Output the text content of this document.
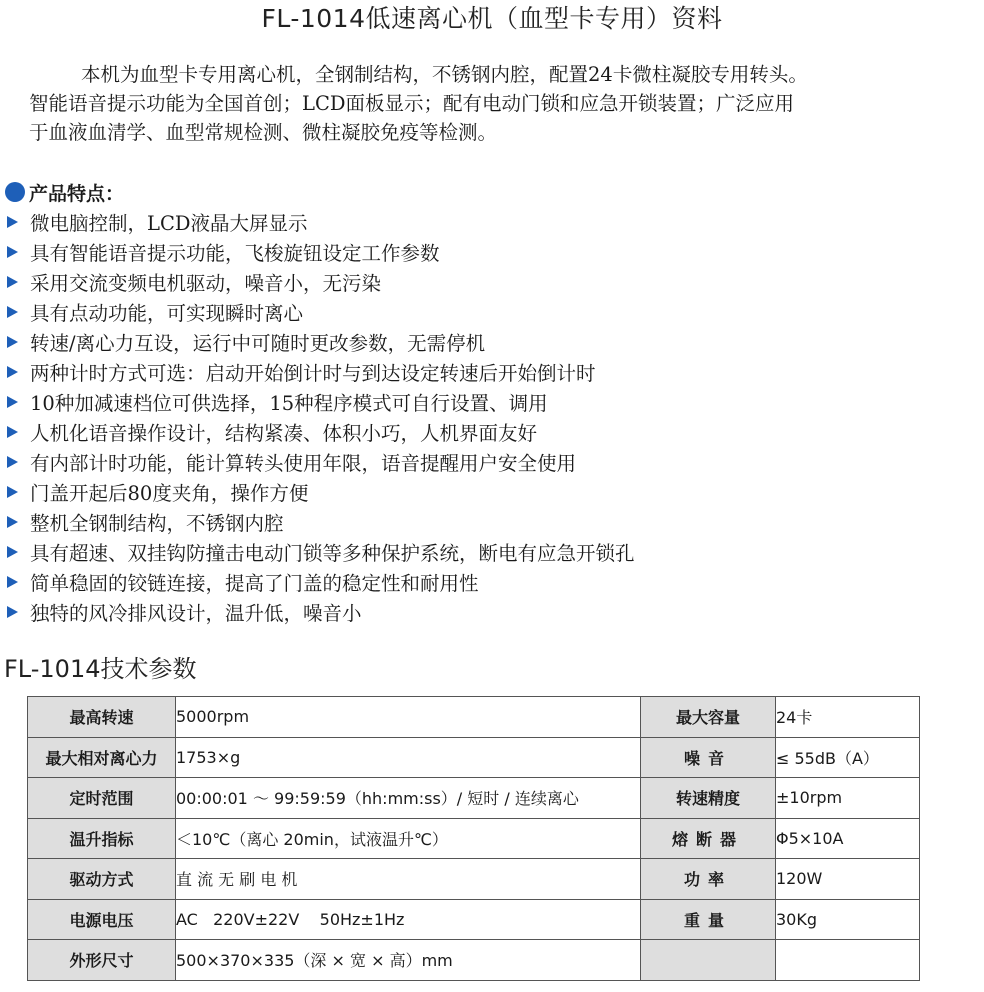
FL-1014低速离心机（血型卡专用）资料

本机为血型卡专用离心机，全钢制结构，不锈钢内腔，配置24卡微柱凝胶专用转头。

智能语音提示功能为全国首创；LCD面板显示；配有电动门锁和应急开锁装置；广泛应用

于血液血清学、血型常规检测、微柱凝胶免疫等检测。

产品特点：
微电脑控制，LCD液晶大屏显示
具有智能语音提示功能，飞梭旋钮设定工作参数
采用交流变频电机驱动，噪音小，无污染
具有点动功能，可实现瞬时离心
转速/离心力互设，运行中可随时更改参数，无需停机
两种计时方式可选：启动开始倒计时与到达设定转速后开始倒计时
10种加减速档位可供选择，15种程序模式可自行设置、调用
人机化语音操作设计，结构紧凑、体积小巧，人机界面友好
有内部计时功能，能计算转头使用年限，语音提醒用户安全使用
门盖开起后80度夹角，操作方便
整机全钢制结构，不锈钢内腔
具有超速、双挂钩防撞击电动门锁等多种保护系统，断电有应急开锁孔
简单稳固的铰链连接，提高了门盖的稳定性和耐用性
独特的风冷排风设计，温升低，噪音小
FL-1014技术参数
最高转速	5000rpm	最大容量	24卡
最大相对离心力	1753×g	噪音	≤ 55dB（A）
定时范围	00:00:01 ～ 99:59:59（hh:mm:ss）/ 短时 / 连续离心	转速精度	±10rpm
温升指标	＜10℃（离心 20min，试液温升℃）	熔断器	Φ5×10A
驱动方式	直 流 无 刷 电 机	功率	120W
电源电压	AC   220V±22V    50Hz±1Hz	重量	30Kg
外形尺寸	500×370×335（深 × 宽 × 高）mm		
